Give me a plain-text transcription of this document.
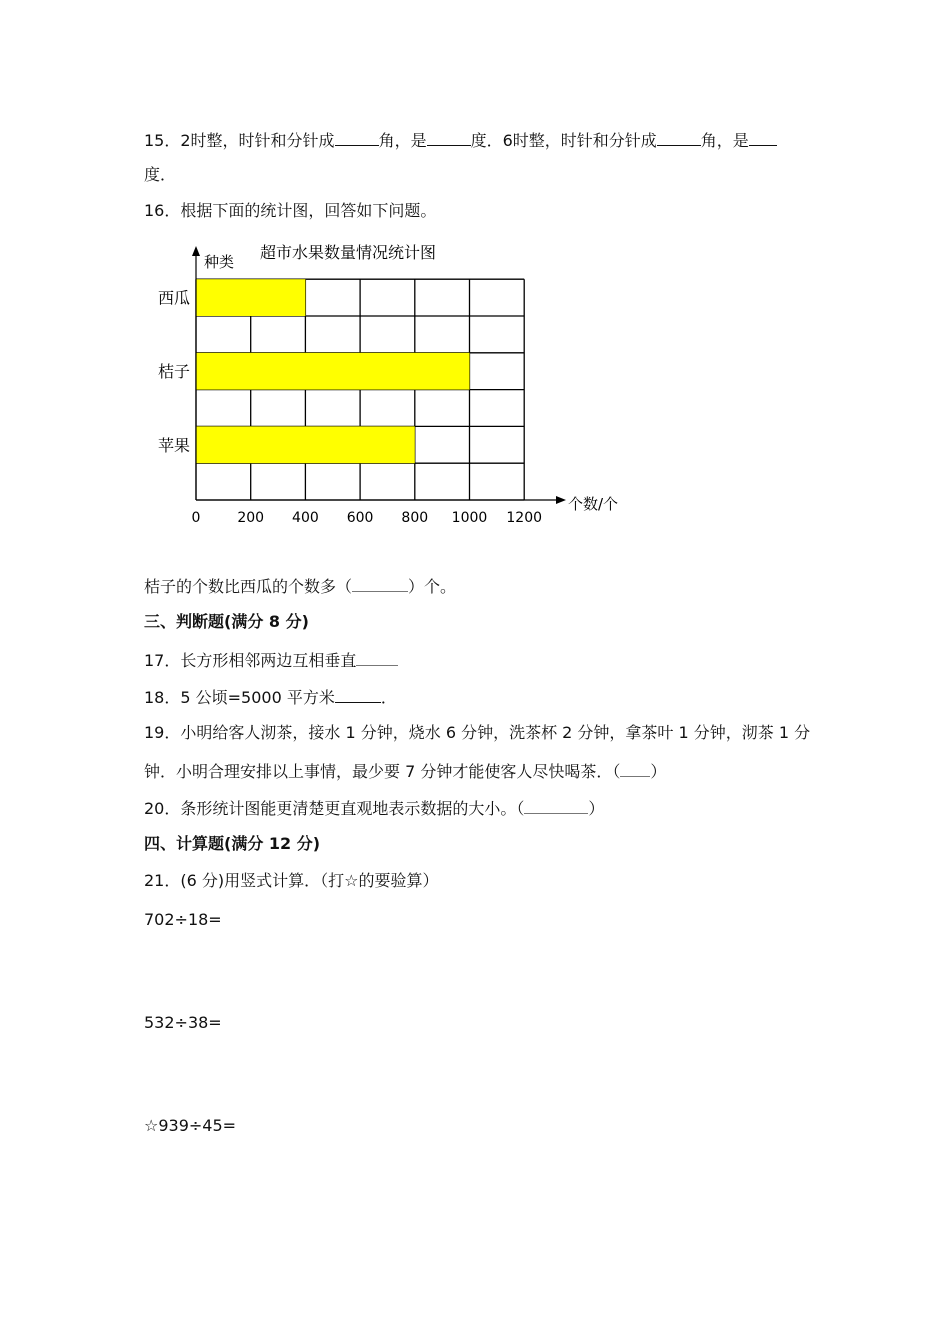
15．2时整，时针和分针成	角，是	度．6时整，时针和分针成	角，是
度．
16．根据下面的统计图，回答如下问题。
超市水果数量情况统计图
种类
个数/个
西瓜
桔子
苹果
0	200 400 600 800 1000 1200
桔子的个数比西瓜的个数多（	）个。
三、判断题(满分 8 分)
17．长方形相邻两边互相垂直
18．5 公顷=5000 平方米	．
19．小明给客人沏茶，接水 1 分钟，烧水 6 分钟，洗茶杯 2 分钟，拿茶叶 1 分钟，沏茶 1 分
钟．小明合理安排以上事情，最少要 7 分钟才能使客人尽快喝茶．（ ）
20．条形统计图能更清楚更直观地表示数据的大小。（	）
四、计算题(满分 12 分)
21．(6 分)用竖式计算．（打☆的要验算）
702÷18=
532÷38=
☆939÷45=
